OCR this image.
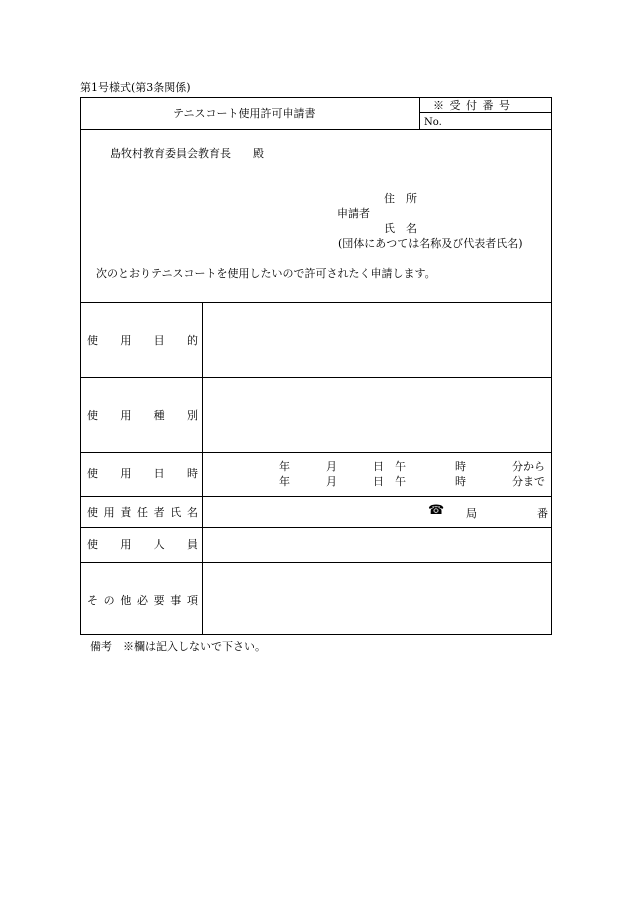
第1号様式(第3条関係)
テニスコート使用許可申請書
※ 受 付 番 号
No.
島牧村教育委員会教育長　　殿
住　所
申請者
氏　名
(団体にあつては名称及び代表者氏名)
次のとおりテニスコートを使用したいので許可されたく申請します。
使 用 目 的
使 用 種 別
使 用 日 時
年	月	日 午	時	分から
年	月	日 午	時	分まで
使 用 責 任 者 氏 名	☎ 局	番
使 用 人 員
そ の 他 必 要 事 項
備考　※欄は記入しないで下さい。
